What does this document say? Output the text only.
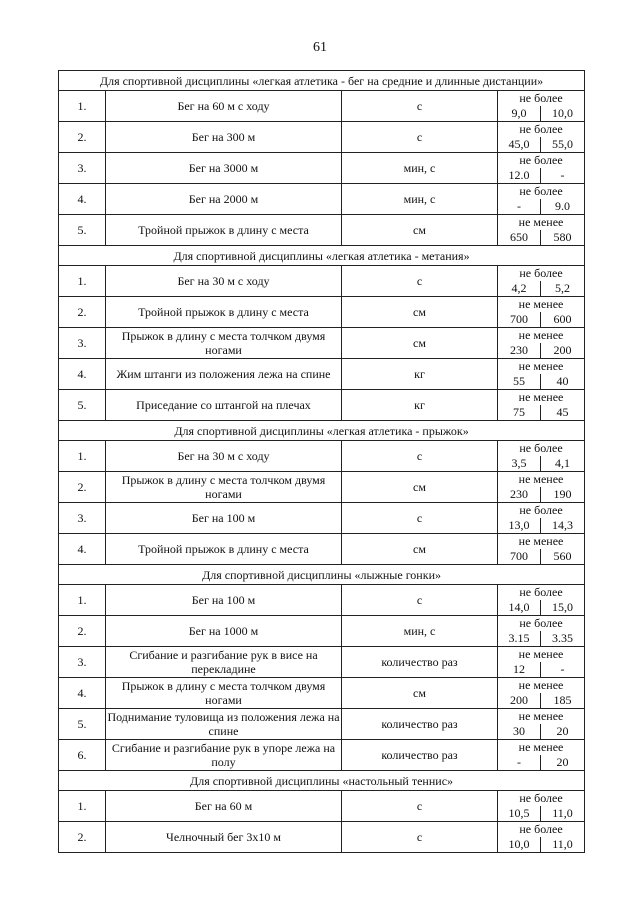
61
Для спортивной дисциплины «легкая атлетика - бег на средние и длинные дистанции»				
1.	Бег на 60 м с ходу	с	не более	
			9,0	10,0
2.	Бег на 300 м	с	не более	
			45,0	55,0
3.	Бег на 3000 м	мин, с	не более	
			12.0	-
4.	Бег на 2000 м	мин, с	не более	
			-	9.0
5.	Тройной прыжок в длину с места	см	не менее	
			650	580
Для спортивной дисциплины «легкая атлетика - метания»				
1.	Бег на 30 м с ходу	с	не более	
			4,2	5,2
2.	Тройной прыжок в длину с места	см	не менее	
			700	600
3.	Прыжок в длину с места толчком двумя ногами	см	не менее	
			230	200
4.	Жим штанги из положения лежа на спине	кг	не менее	
			55	40
5.	Приседание со штангой на плечах	кг	не менее	
			75	45
Для спортивной дисциплины «легкая атлетика - прыжок»				
1.	Бег на 30 м с ходу	с	не более	
			3,5	4,1
2.	Прыжок в длину с места толчком двумя ногами	см	не менее	
			230	190
3.	Бег на 100 м	с	не более	
			13,0	14,3
4.	Тройной прыжок в длину с места	см	не менее	
			700	560
Для спортивной дисциплины «лыжные гонки»				
1.	Бег на 100 м	с	не более	
			14,0	15,0
2.	Бег на 1000 м	мин, с	не более	
			3.15	3.35
3.	Сгибание и разгибание рук в висе на перекладине	количество раз	не менее	
			12	-
4.	Прыжок в длину с места толчком двумя ногами	см	не менее	
			200	185
5.	Поднимание туловища из положения лежа на спине	количество раз	не менее	
			30	20
6.	Сгибание и разгибание рук в упоре лежа на полу	количество раз	не менее	
			-	20
Для спортивной дисциплины «настольный теннис»				
1.	Бег на 60 м	с	не более	
			10,5	11,0
2.	Челночный бег 3x10 м	с	не более	
			10,0	11,0
